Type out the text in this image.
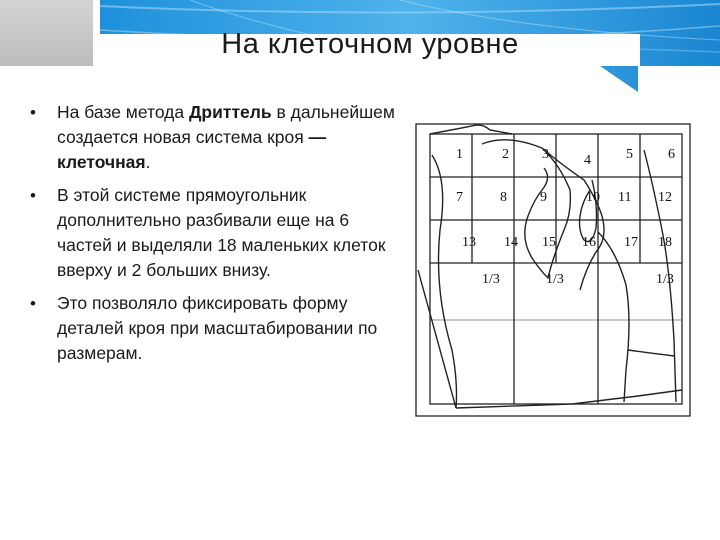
На клеточном уровне
• На базе метода Дриттель в дальнейшем создается новая система кроя — клеточная.
• В этой системе прямоугольник дополнительно разбивали еще на 6 частей и выделяли 18 маленьких клеток вверху и 2 больших внизу.
• Это позволяло фиксировать форму деталей кроя при масштабировании по размерам.
1	2 3	4	5	6
7	8 9	10 11 12
13 14 15 16 17 18
1/3	1/3	1/3
